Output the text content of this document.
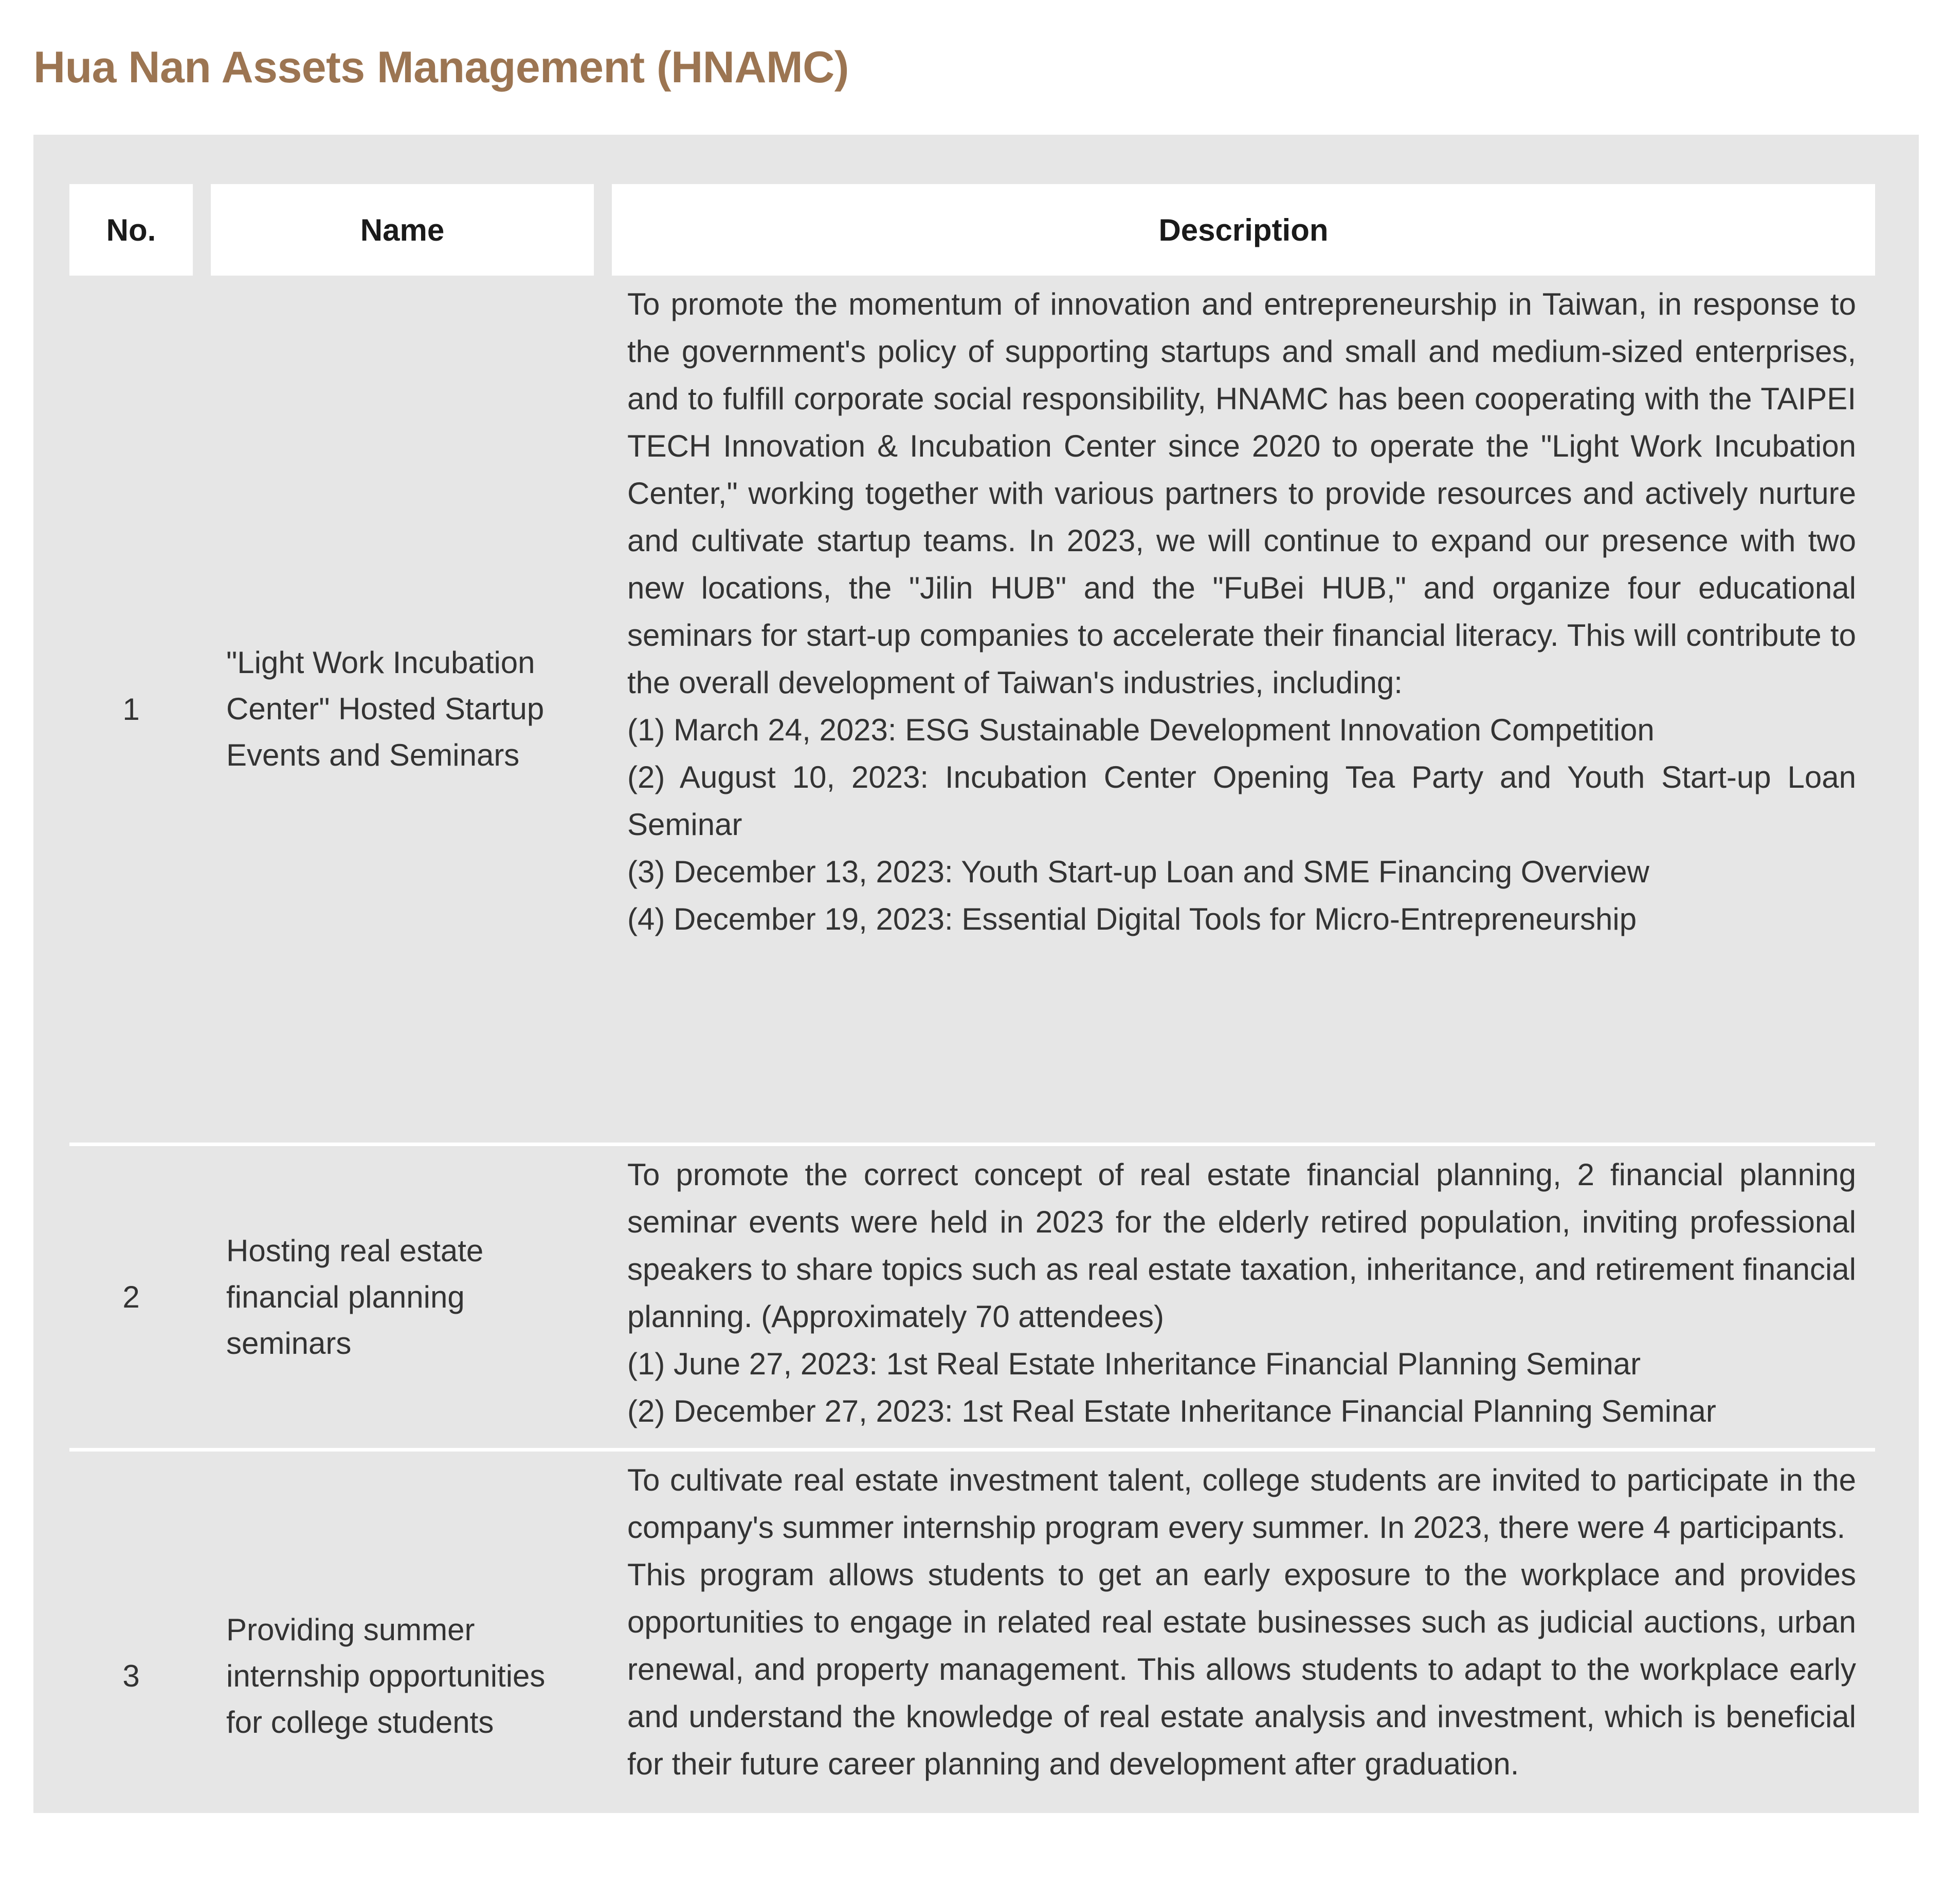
Hua Nan Assets Management (HNAMC)
No.	Name	Description
1
"Light Work Incubation Center" Hosted Startup Events and Seminars

To promote the momentum of innovation and entrepreneurship in Taiwan, in response to the government's policy of supporting startups and small and medium-sized enterprises, and to fulfill corporate social responsibility, HNAMC has been cooperating with the TAIPEI TECH Innovation & Incubation Center since 2020 to operate the "Light Work Incubation Center," working together with various partners to provide resources and actively nurture and cultivate startup teams. In 2023, we will continue to expand our presence with two new locations, the "Jilin HUB" and the "FuBei HUB," and organize four educational seminars for start-up companies to accelerate their financial literacy. This will contribute to the overall development of Taiwan's industries, including:

(1) March 24, 2023: ESG Sustainable Development Innovation Competition

(2) August 10, 2023: Incubation Center Opening Tea Party and Youth Start-up Loan Seminar

(3) December 13, 2023: Youth Start-up Loan and SME Financing Overview

(4) December 19, 2023: Essential Digital Tools for Micro-Entrepreneurship

2
Hosting real estate financial planning seminars

To promote the correct concept of real estate financial planning, 2 financial planning seminar events were held in 2023 for the elderly retired population, inviting professional speakers to share topics such as real estate taxation, inheritance, and retirement financial planning. (Approximately 70 attendees)

(1) June 27, 2023: 1st Real Estate Inheritance Financial Planning Seminar

(2) December 27, 2023: 1st Real Estate Inheritance Financial Planning Seminar

3
Providing summer internship opportunities for college students

To cultivate real estate investment talent, college students are invited to participate in the company's summer internship program every summer. In 2023, there were 4 participants.

This program allows students to get an early exposure to the workplace and provides opportunities to engage in related real estate businesses such as judicial auctions, urban renewal, and property management. This allows students to adapt to the workplace early and understand the knowledge of real estate analysis and investment, which is beneficial for their future career planning and development after graduation.
